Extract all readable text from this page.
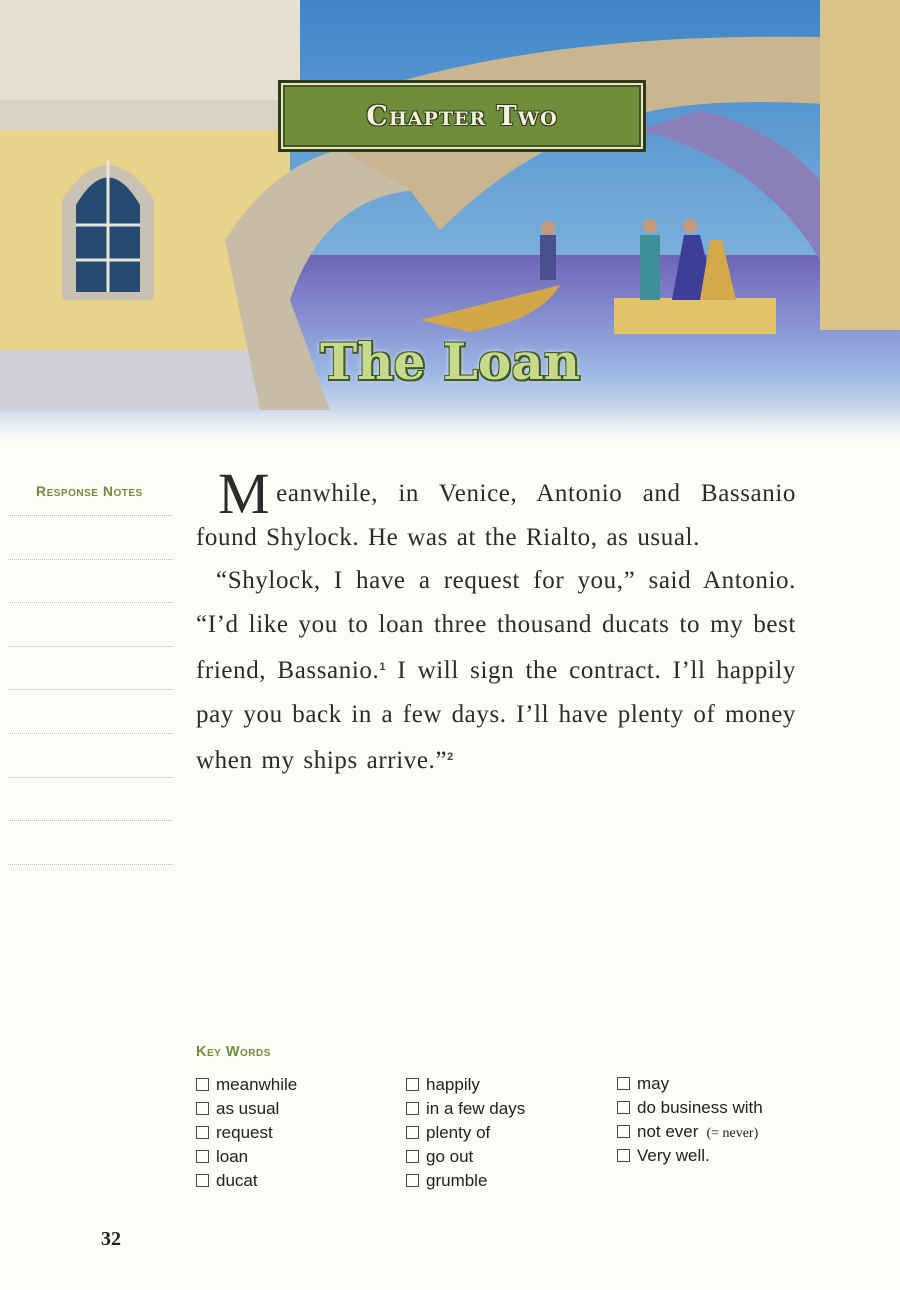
Chapter Two
The Loan
Response Notes Meanwhile, in Venice, Antonio and Bassanio found Shylock. He was at the Rialto, as usual.

“Shylock, I have a request for you,” said Antonio. “I’d like you to loan three thousand ducats to my best friend, Bassanio.$^1$ I will sign the contract. I’ll happily pay you back in a few days. I’ll have plenty of money when my ships arrive.”$^2$

Key Words
meanwhile
as usual
request
loan
ducat
happily
in a few days
plenty of
go out
grumble
may
do business with
not ever (= never)
Very well.
32
